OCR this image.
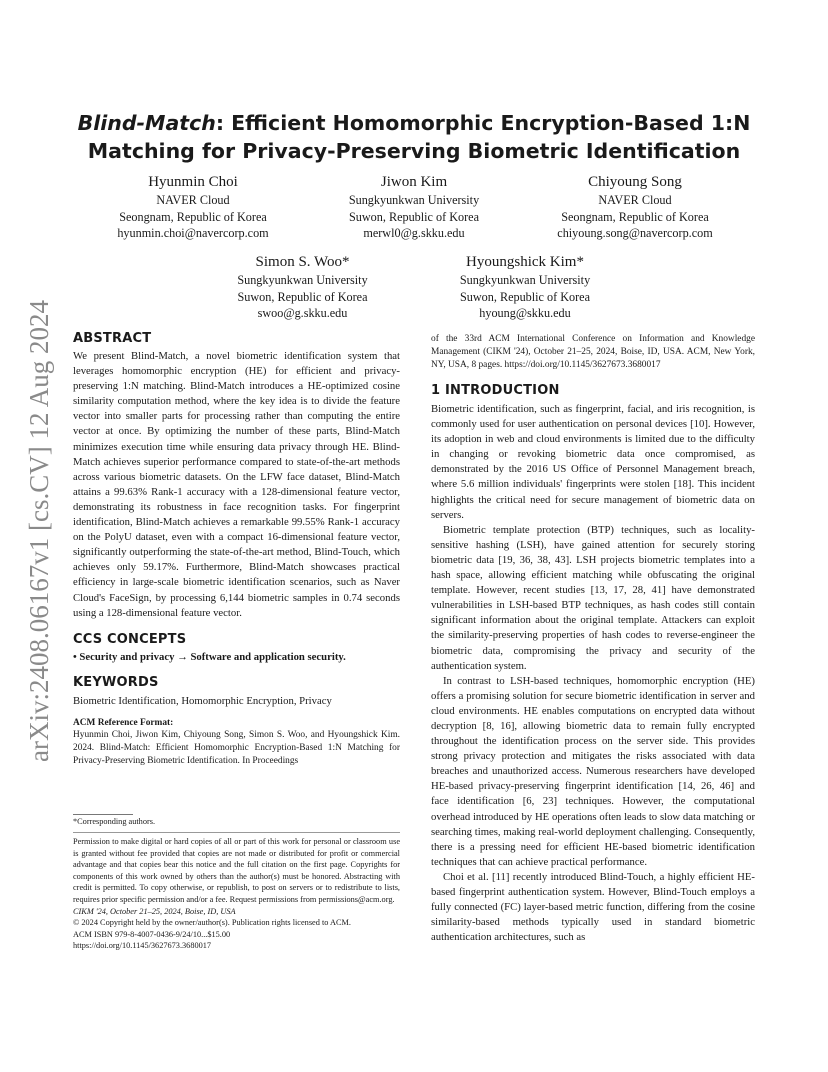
arXiv:2408.06167v1 [cs.CV] 12 Aug 2024
Blind-Match: Efficient Homomorphic Encryption-Based 1:N
Matching for Privacy-Preserving Biometric Identification
Hyunmin Choi
NAVER Cloud
Seongnam, Republic of Korea
hyunmin.choi@navercorp.com
Jiwon Kim
Sungkyunkwan University
Suwon, Republic of Korea
merwl0@g.skku.edu
Chiyoung Song
NAVER Cloud
Seongnam, Republic of Korea
chiyoung.song@navercorp.com
Simon S. Woo*
Sungkyunkwan University
Suwon, Republic of Korea
swoo@g.skku.edu
Hyoungshick Kim*
Sungkyunkwan University
Suwon, Republic of Korea
hyoung@skku.edu
ABSTRACT

We present Blind-Match, a novel biometric identification system that leverages homomorphic encryption (HE) for efficient and privacy-preserving 1:N matching. Blind-Match introduces a HE-optimized cosine similarity computation method, where the key idea is to divide the feature vector into smaller parts for processing rather than computing the entire vector at once. By optimizing the number of these parts, Blind-Match minimizes execution time while ensuring data privacy through HE. Blind-Match achieves superior performance compared to state-of-the-art methods across various biometric datasets. On the LFW face dataset, Blind-Match attains a 99.63% Rank-1 accuracy with a 128-dimensional feature vector, demonstrating its robustness in face recognition tasks. For fingerprint identification, Blind-Match achieves a remarkable 99.55% Rank-1 accuracy on the PolyU dataset, even with a compact 16-dimensional feature vector, significantly outperforming the state-of-the-art method, Blind-Touch, which achieves only 59.17%. Furthermore, Blind-Match showcases practical efficiency in large-scale biometric identification scenarios, such as Naver Cloud's FaceSign, by processing 6,144 biometric samples in 0.74 seconds using a 128-dimensional feature vector.

CCS CONCEPTS

• Security and privacy → Software and application security.

KEYWORDS

Biometric Identification, Homomorphic Encryption, Privacy

ACM Reference Format:

Hyunmin Choi, Jiwon Kim, Chiyoung Song, Simon S. Woo, and Hyoungshick Kim. 2024. Blind-Match: Efficient Homomorphic Encryption-Based 1:N Matching for Privacy-Preserving Biometric Identification. In Proceedings

*Corresponding authors.

Permission to make digital or hard copies of all or part of this work for personal or classroom use is granted without fee provided that copies are not made or distributed for profit or commercial advantage and that copies bear this notice and the full citation on the first page. Copyrights for components of this work owned by others than the author(s) must be honored. Abstracting with credit is permitted. To copy otherwise, or republish, to post on servers or to redistribute to lists, requires prior specific permission and/or a fee. Request permissions from permissions@acm.org.

CIKM '24, October 21–25, 2024, Boise, ID, USA

© 2024 Copyright held by the owner/author(s). Publication rights licensed to ACM.

ACM ISBN 979-8-4007-0436-9/24/10...$15.00

https://doi.org/10.1145/3627673.3680017

of the 33rd ACM International Conference on Information and Knowledge Management (CIKM '24), October 21–25, 2024, Boise, ID, USA. ACM, New York, NY, USA, 8 pages. https://doi.org/10.1145/3627673.3680017

1 INTRODUCTION

Biometric identification, such as fingerprint, facial, and iris recognition, is commonly used for user authentication on personal devices [10]. However, its adoption in web and cloud environments is limited due to the difficulty in changing or revoking biometric data once compromised, as demonstrated by the 2016 US Office of Personnel Management breach, where 5.6 million individuals' fingerprints were stolen [18]. This incident highlights the critical need for secure management of biometric data on servers.

Biometric template protection (BTP) techniques, such as locality-sensitive hashing (LSH), have gained attention for securely storing biometric data [19, 36, 38, 43]. LSH projects biometric templates into a hash space, allowing efficient matching while obfuscating the original template. However, recent studies [13, 17, 28, 41] have demonstrated vulnerabilities in LSH-based BTP techniques, as hash codes still contain significant information about the original template. Attackers can exploit the similarity-preserving properties of hash codes to reverse-engineer the biometric data, compromising the privacy and security of the authentication system.

In contrast to LSH-based techniques, homomorphic encryption (HE) offers a promising solution for secure biometric identification in server and cloud environments. HE enables computations on encrypted data without decryption [8, 16], allowing biometric data to remain fully encrypted throughout the identification process on the server side. This provides strong privacy protection and mitigates the risks associated with data breaches and unauthorized access. Numerous researchers have developed HE-based privacy-preserving fingerprint identification [14, 26, 46] and face identification [6, 23] techniques. However, the computational overhead introduced by HE operations often leads to slow data matching or searching times, making real-world deployment challenging. Consequently, there is a pressing need for efficient HE-based biometric identification techniques that can achieve practical performance.

Choi et al. [11] recently introduced Blind-Touch, a highly efficient HE-based fingerprint authentication system. However, Blind-Touch employs a fully connected (FC) layer-based metric function, differing from the cosine similarity-based methods typically used in standard biometric authentication architectures, such as
